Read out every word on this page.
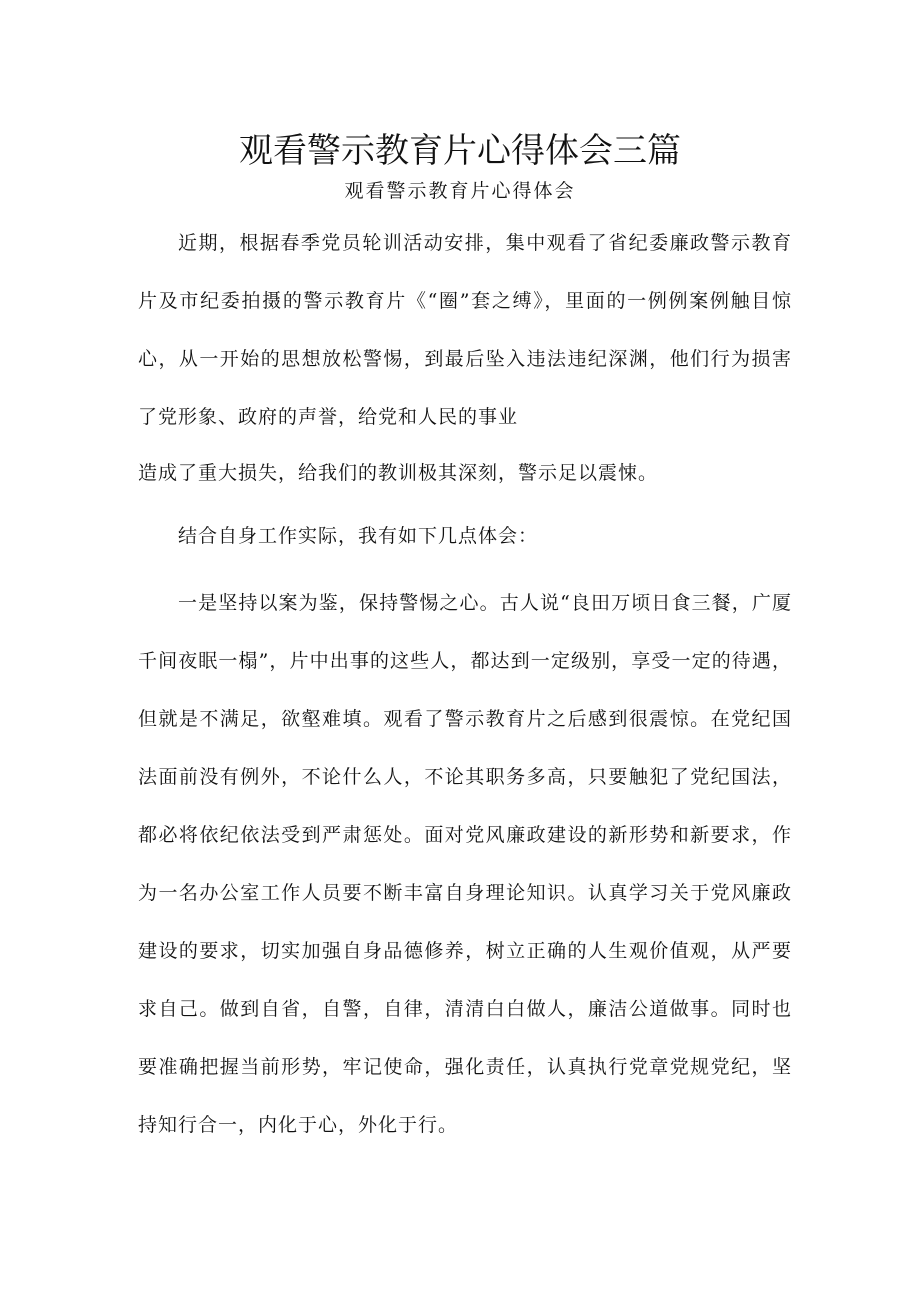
观看警示教育片心得体会三篇
观看警示教育片心得体会

近期，根据春季党员轮训活动安排，集中观看了省纪委廉政警示教育片及市纪委拍摄的警示教育片《“圈”套之缚》，里面的一例例案例触目惊心，从一开始的思想放松警惕，到最后坠入违法违纪深渊，他们行为损害了党形象、政府的声誉，给党和人民的事业

造成了重大损失，给我们的教训极其深刻，警示足以震悚。

结合自身工作实际，我有如下几点体会：

一是坚持以案为鉴，保持警惕之心。古人说“良田万顷日食三餐，广厦千间夜眠一榻”，片中出事的这些人，都达到一定级别，享受一定的待遇，但就是不满足，欲壑难填。观看了警示教育片之后感到很震惊。在党纪国法面前没有例外，不论什么人，不论其职务多高，只要触犯了党纪国法，都必将依纪依法受到严肃惩处。面对党风廉政建设的新形势和新要求，作为一名办公室工作人员要不断丰富自身理论知识。认真学习关于党风廉政建设的要求，切实加强自身品德修养，树立正确的人生观价值观，从严要求自己。做到自省，自警，自律，清清白白做人，廉洁公道做事。同时也要准确把握当前形势，牢记使命，强化责任，认真执行党章党规党纪，坚持知行合一，内化于心，外化于行。
